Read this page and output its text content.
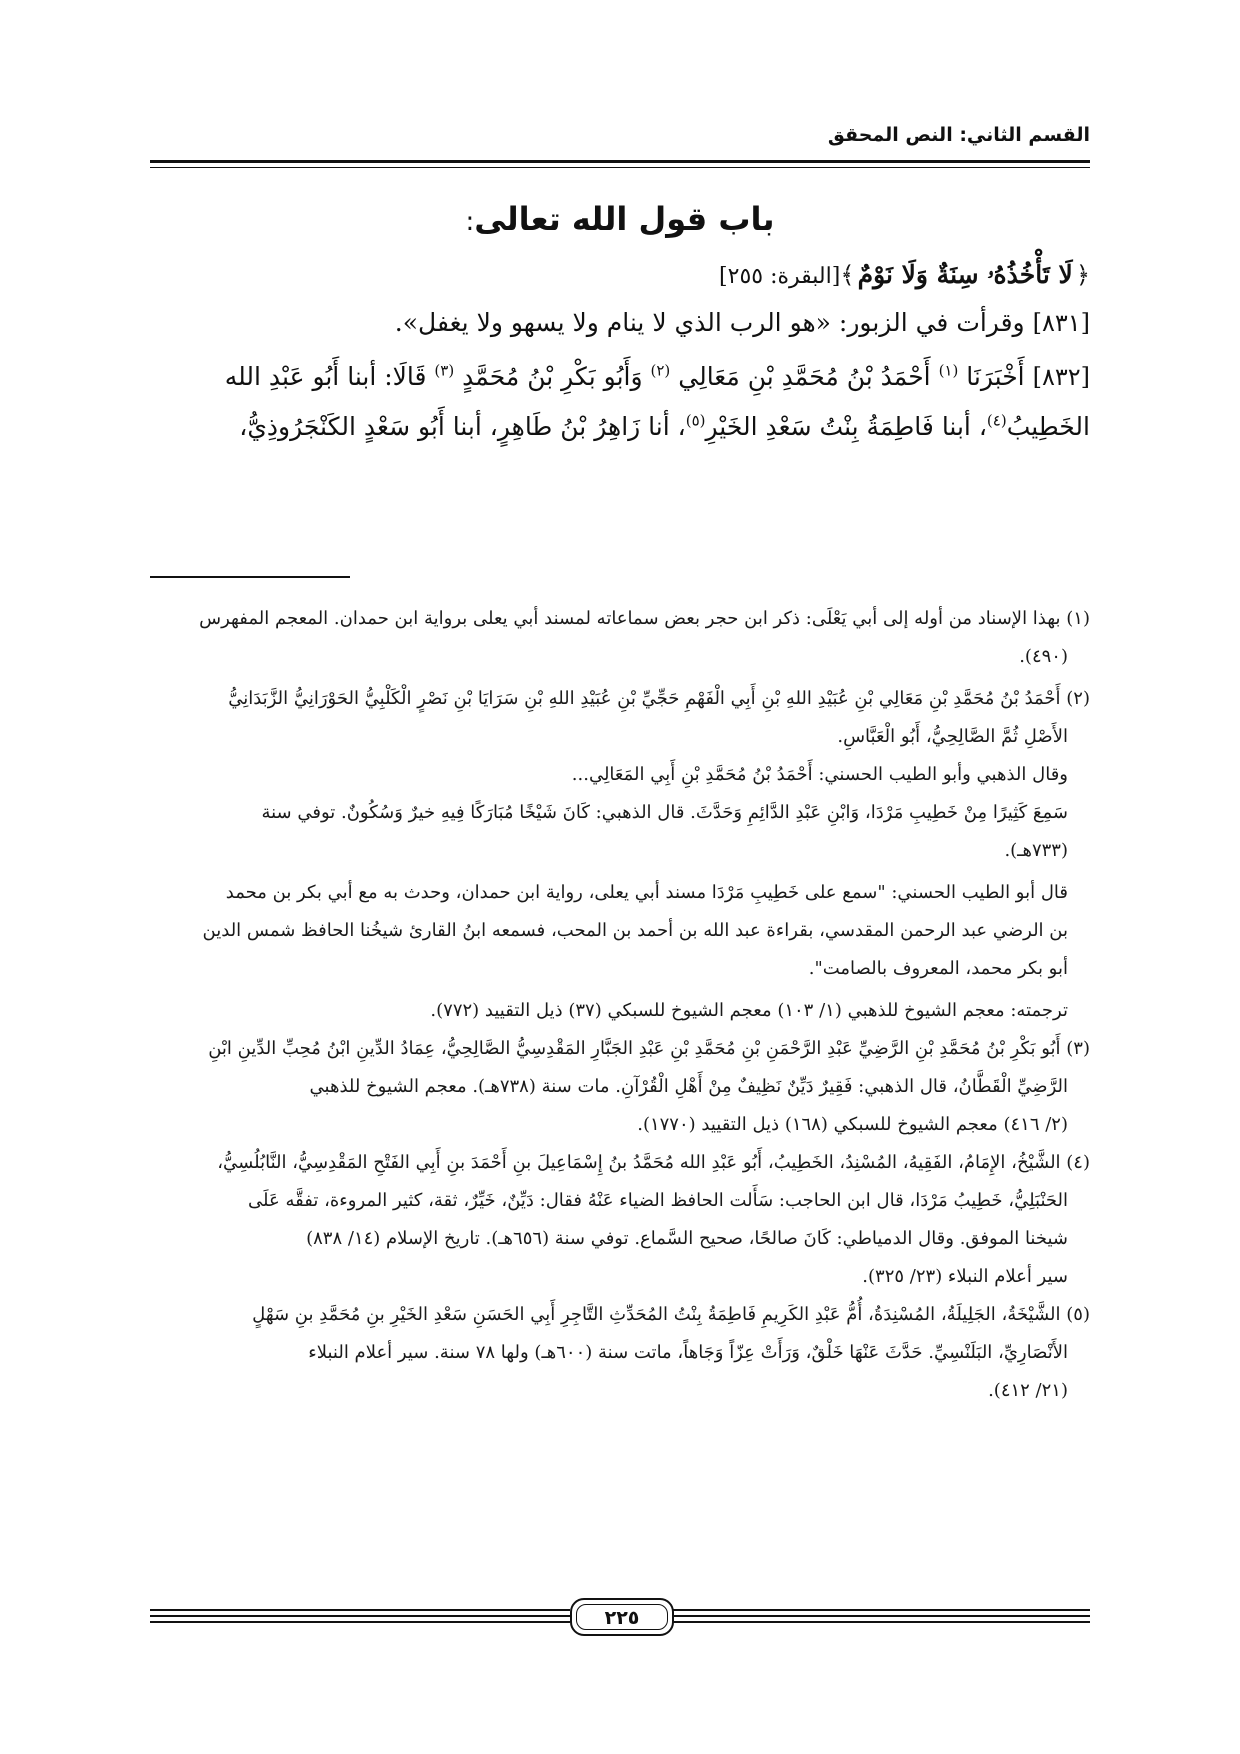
القسم الثاني: النص المحقق
باب قول الله تعالى:
﴿ لَا تَأْخُذُهُۥ سِنَةٌ وَلَا نَوْمٌ ﴾[البقرة: ٢٥٥]
[٨٣١] وقرأت في الزبور: «هو الرب الذي لا ينام ولا يسهو ولا يغفل».
[٨٣٢] أَخْبَرَنَا $^{(١)}$ أَحْمَدُ بْنُ مُحَمَّدِ بْنِ مَعَالِي $^{(٢)}$ وَأَبُو بَكْرِ بْنُ مُحَمَّدٍ $^{(٣)}$ قَالَا: أبنا أَبُو عَبْدِ الله
الخَطِيبُ$^{(٤)}$، أبنا فَاطِمَةُ بِنْتُ سَعْدِ الخَيْرِ$^{(٥)}$، أنا زَاهِرُ بْنُ طَاهِرٍ، أبنا أَبُو سَعْدٍ الكَنْجَرُوذِيُّ،
(١) بهذا الإسناد من أوله إلى أبي يَعْلَى: ذكر ابن حجر بعض سماعاته لمسند أبي يعلى برواية ابن حمدان. المعجم المفهرس
(٤٩٠).
(٢) أَحْمَدُ بْنُ مُحَمَّدِ بْنِ مَعَالِي بْنِ عُبَيْدِ اللهِ بْنِ أَبِي الْفَهْمِ حَجِّيِّ بْنِ عُبَيْدِ اللهِ بْنِ سَرَايَا بْنِ نَصْرٍ الْكَلْبِيُّ الحَوْرَانِيُّ الزَّبَدَانِيُّ
الأَصْلِ ثُمَّ الصَّالِحِيُّ، أَبُو الْعَبَّاسِ.
وقال الذهبي وأبو الطيب الحسني: أَحْمَدُ بْنُ مُحَمَّدِ بْنِ أَبِي المَعَالِي...
سَمِعَ كَثِيرًا مِنْ خَطِيبِ مَرْدَا، وَابْنِ عَبْدِ الدَّائِمِ وَحَدَّثَ. قال الذهبي: كَانَ شَيْخًا مُبَارَكًا فِيهِ خيرٌ وَسُكُونٌ. توفي سنة
(٧٣٣هـ).
قال أبو الطيب الحسني: "سمع على خَطِيبِ مَرْدَا مسند أبي يعلى، رواية ابن حمدان، وحدث به مع أبي بكر بن محمد
بن الرضي عبد الرحمن المقدسي، بقراءة عبد الله بن أحمد بن المحب، فسمعه ابنُ القارئ شيخُنا الحافظ شمس الدين
أبو بكر محمد، المعروف بالصامت".
ترجمته: معجم الشيوخ للذهبي (١/ ١٠٣) معجم الشيوخ للسبكي (٣٧) ذيل التقييد (٧٧٢).
(٣) أَبُو بَكْرِ بْنُ مُحَمَّدِ بْنِ الرَّضِيِّ عَبْدِ الرَّحْمَنِ بْنِ مُحَمَّدِ بْنِ عَبْدِ الجَبَّارِ المَقْدِسِيُّ الصَّالِحِيُّ، عِمَادُ الدِّينِ ابْنُ مُحِبِّ الدِّينِ ابْنِ
الرَّضِيِّ الْقَطَّانُ، قال الذهبي: فَقِيرٌ دَيِّنٌ نَظِيفٌ مِنْ أَهْلِ الْقُرْآنِ. مات سنة (٧٣٨هـ). معجم الشيوخ للذهبي
(٢/ ٤١٦) معجم الشيوخ للسبكي (١٦٨) ذيل التقييد (١٧٧٠).
(٤) الشَّيْخُ، الإِمَامُ، الفَقِيهُ، المُسْنِدُ، الخَطِيبُ، أَبُو عَبْدِ الله مُحَمَّدُ بنُ إِسْمَاعِيلَ بنِ أَحْمَدَ بنِ أَبِي الفَتْحِ المَقْدِسِيُّ، النَّابُلُسِيُّ،
الحَنْبَلِيُّ، خَطِيبُ مَرْدَا، قال ابن الحاجب: سَأَلت الحافظ الضياء عَنْهُ فقال: دَيِّنٌ، خَيِّرٌ، ثقة، كثير المروءة، تفقَّه عَلَى
شيخنا الموفق. وقال الدمياطي: كَانَ صالحًا، صحيح السَّماع. توفي سنة (٦٥٦هـ). تاريخ الإسلام (١٤/ ٨٣٨)
سير أعلام النبلاء (٢٣/ ٣٢٥).
(٥) الشَّيْخَةُ، الجَلِيلَةُ، المُسْنِدَةُ، أُمُّ عَبْدِ الكَرِيمِ فَاطِمَةُ بِنْتُ المُحَدِّثِ التَّاجِرِ أَبِي الحَسَنِ سَعْدِ الخَيْرِ بنِ مُحَمَّدِ بنِ سَهْلٍ
الأَنْصَارِيِّ، البَلَنْسِيِّ. حَدَّثَ عَنْهَا خَلْقٌ، وَرَأَتْ عِزّاً وَجَاهاً، ماتت سنة (٦٠٠هـ) ولها ٧٨ سنة. سير أعلام النبلاء
(٢١/ ٤١٢).
٢٢٥
